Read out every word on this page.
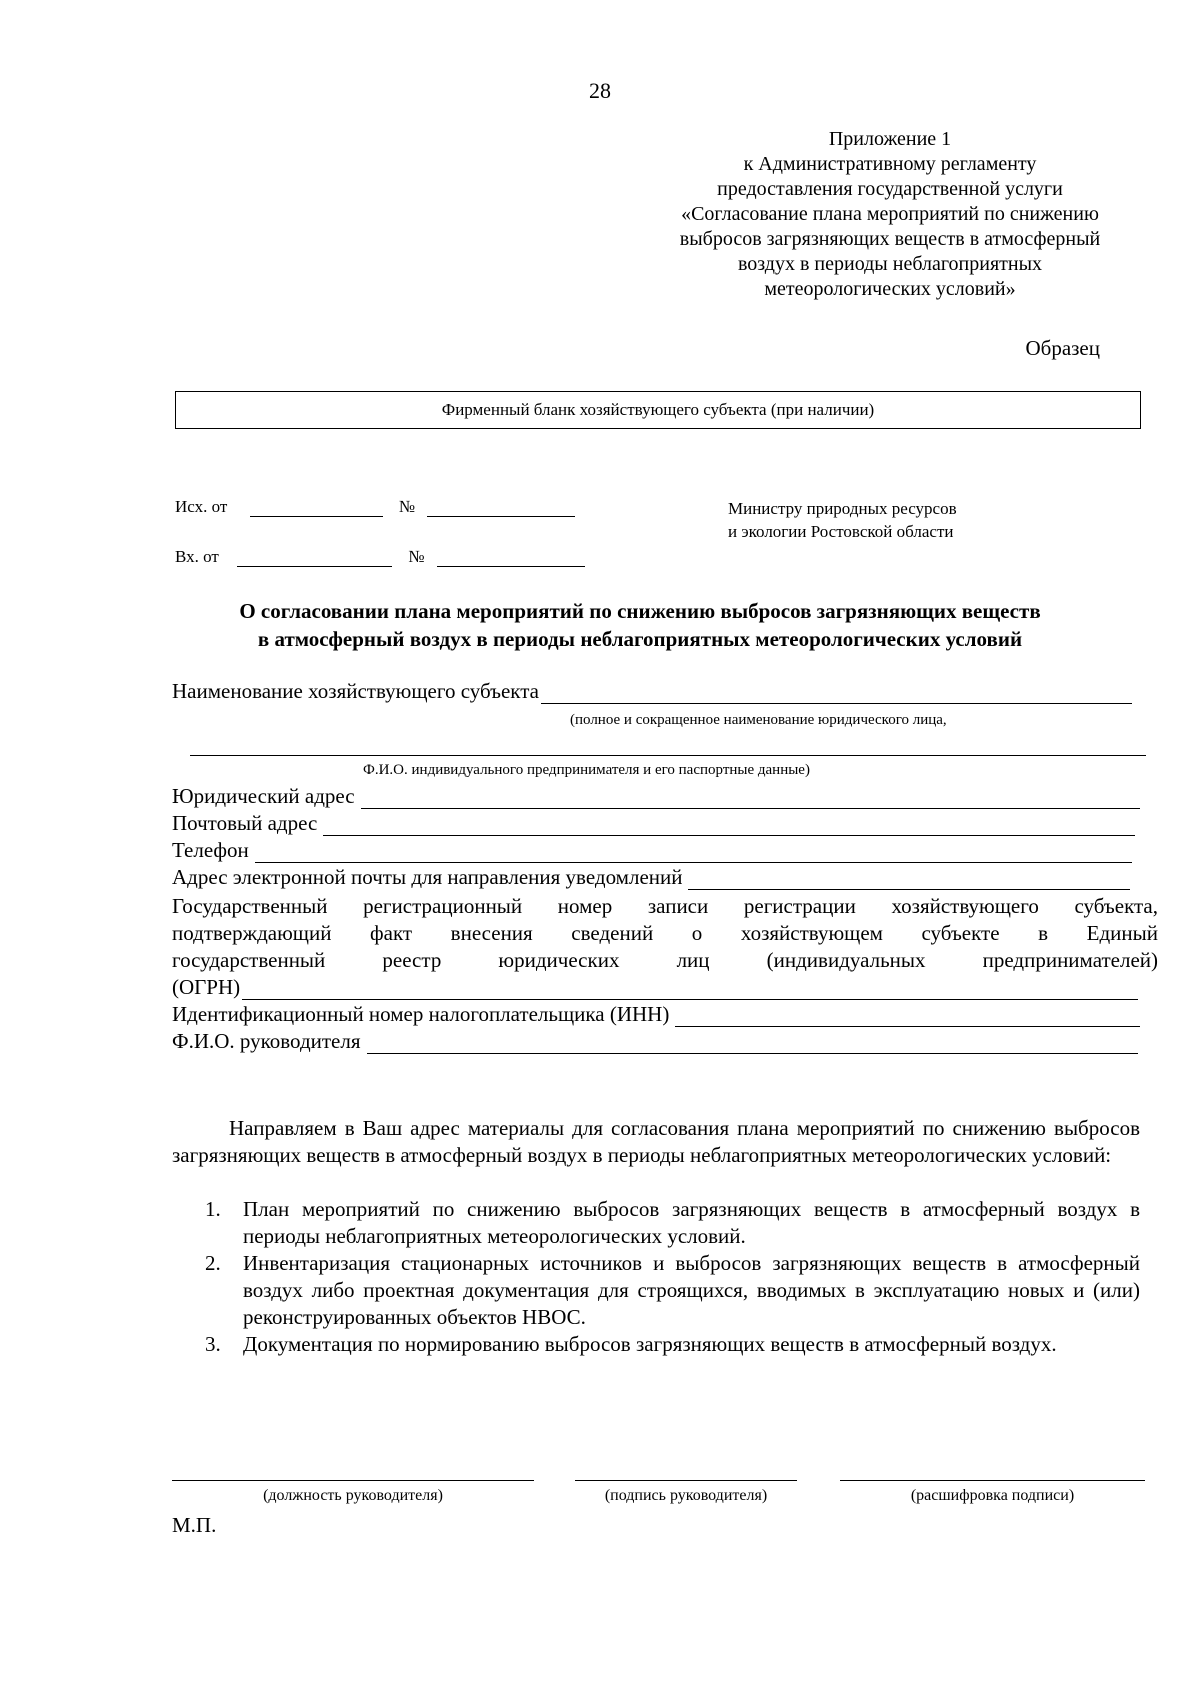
28
Приложение 1
к Административному регламенту
предоставления государственной услуги
«Согласование плана мероприятий по снижению
выбросов загрязняющих веществ в атмосферный
воздух в периоды неблагоприятных
метеорологических условий»
Образец
Фирменный бланк хозяйствующего субъекта (при наличии)
Исх. от	№
Вх. от	№
Министру природных ресурсов
и экологии Ростовской области
О согласовании плана мероприятий по снижению выбросов загрязняющих веществ
в атмосферный воздух в периоды неблагоприятных метеорологических условий
Наименование хозяйствующего субъекта
(полное и сокращенное наименование юридического лица,
Ф.И.О. индивидуального предпринимателя и его паспортные данные)
Юридический адрес
Почтовый адрес
Телефон
Адрес электронной почты для направления уведомлений
Государственный регистрационный номер записи регистрации хозяйствующего субъекта,
подтверждающий факт внесения сведений о хозяйствующем субъекте в Единый
государственный реестр юридических лиц (индивидуальных предпринимателей)
(ОГРН)
Идентификационный номер налогоплательщика (ИНН)
Ф.И.О. руководителя
Направляем в Ваш адрес материалы для согласования плана мероприятий по снижению выбросов загрязняющих веществ в атмосферный воздух в периоды неблагоприятных метеорологических условий:
1.	План мероприятий по снижению выбросов загрязняющих веществ в атмосферный воздух в периоды неблагоприятных метеорологических условий.
2.	Инвентаризация стационарных источников и выбросов загрязняющих веществ в атмосферный воздух либо проектная документация для строящихся, вводимых в эксплуатацию новых и (или) реконструированных объектов НВОС.
3.	Документация по нормированию выбросов загрязняющих веществ в атмосферный воздух.
(должность руководителя)	(подпись руководителя)	(расшифровка подписи)
М.П.
